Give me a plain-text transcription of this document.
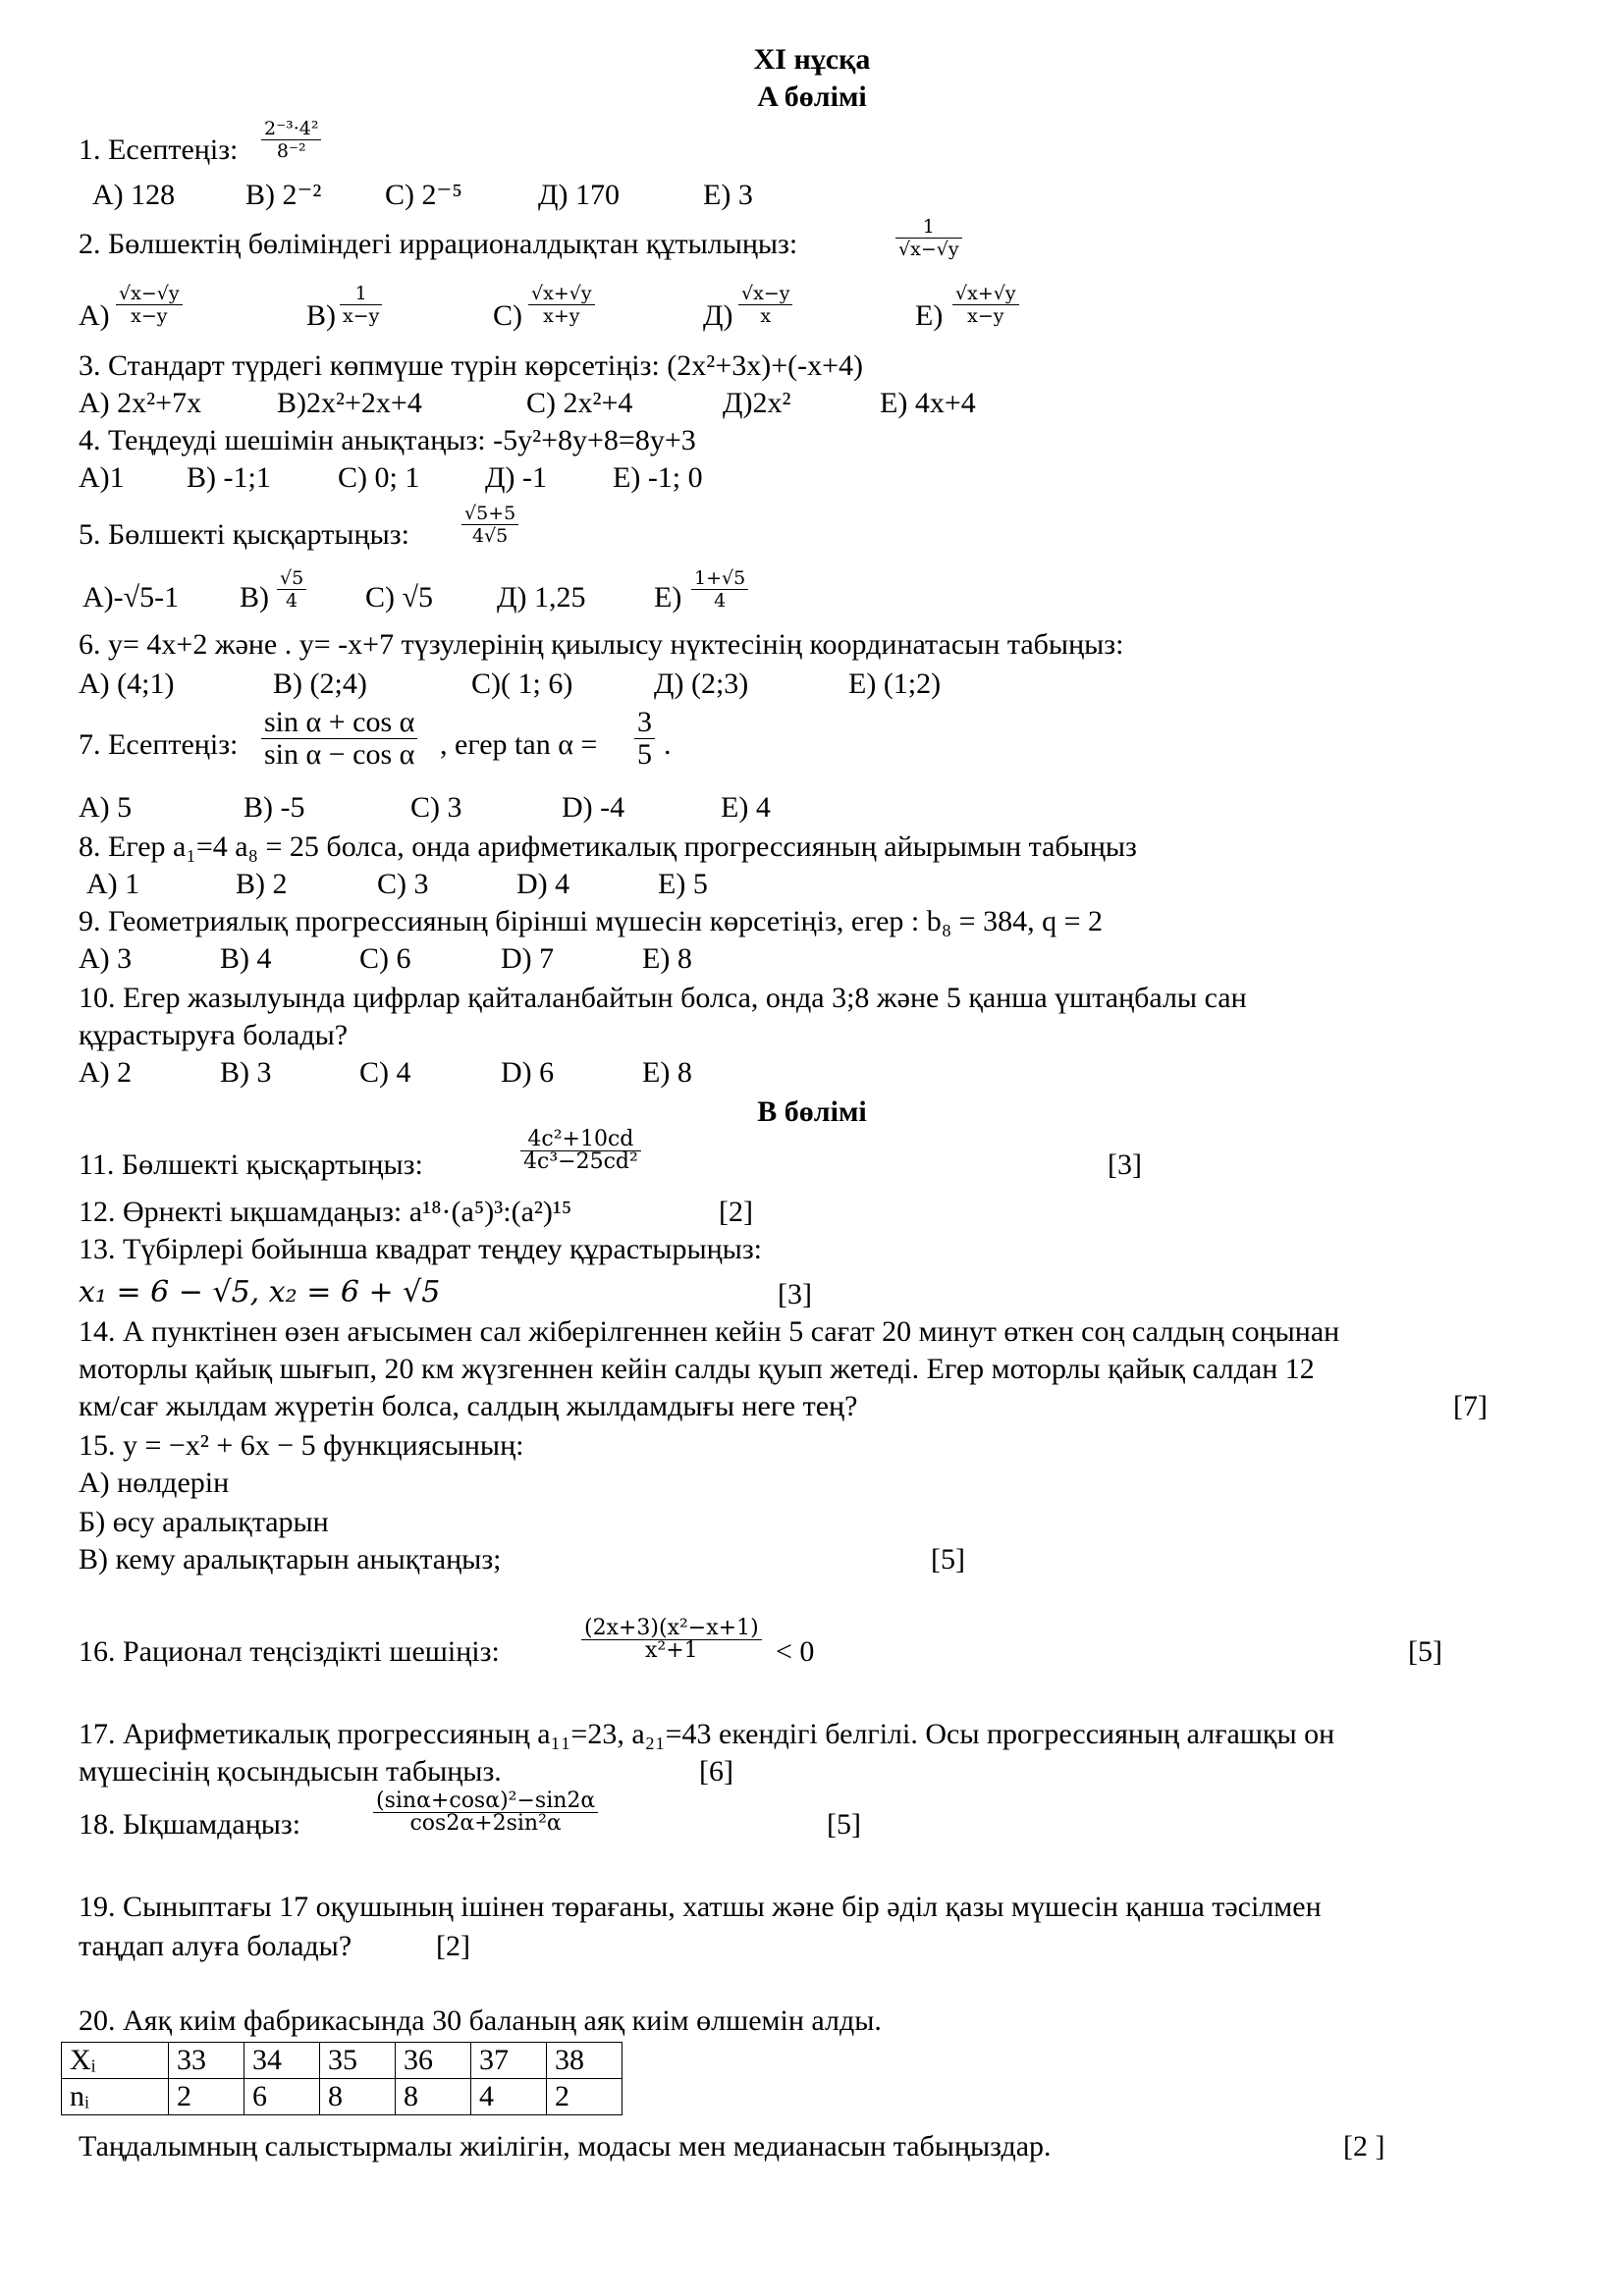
XI нұсқа
A бөлімі
1. Есептеңіз: $\frac{\text{2⁻³·4²}}{\text{8⁻²}}$
A) 128 B) 2⁻² C) 2⁻⁵	Д) 170	Е) 3
2. Бөлшектің бөліміндегі иррационалдықтан құтылыңыз:	$\frac{1}{√x-√y}$
$A) \frac{√x-√y}{x-y}$	$B) \frac{1}{x-y}$	$C) \frac{√x+√y}{x+y}$	$Д) \frac{√x-y}{x}$	$Е) \frac{√x+√y}{x-y}$
3. Стандарт түрдегі көпмүше түрін көрсетіңіз: (2x²+3x)+(-x+4)
A) 2x²+7x	B)2x²+2x+4	C) 2x²+4	Д)2x²	Е) 4x+4
4. Теңдеуді шешімін анықтаңыз: -5y²+8y+8=8y+3
A)1 B) -1;1 C) 0; 1 Д) -1 Е) -1; 0
5. Бөлшекті қысқартыңыз:	$\frac{√5+5}{4√5}$
A)-√5-1 $B) \frac{√5}{4} C$) √5 Д) 1,25 $Е) \frac{1+√5}{4}$
6. y= 4x+2 және . y= -x+7 түзулерінің қиылысу нүктесінің координатасын табыңыз:
A) (4;1)	B) (2;4)	C)( 1; 6)	Д) (2;3)	Е) (1;2)
7. Есептеңіз: $\frac{\text{sin α + cos α}}{\text{sin α − cos α}}$ , егер $\tan \alpha = \frac{3}{5}$ .
A) 5	B) -5	C) 3	D) -4	E) 4
8. Егер a₁=4 a₈ = 25 болса, онда арифметикалық прогрессияның айырымын табыңыз
A) 1	B) 2	C) 3	D) 4	E) 5
9. Геометриялық прогрессияның бірінші мүшесін көрсетіңіз, егер : b₈ = 384, q = 2
A) 3	B) 4	C) 6	D) 7	E) 8
10. Егер жазылуында цифрлар қайталанбайтын болса, онда 3;8 және 5 қанша үштаңбалы сан
құрастыруға болады?
A) 2	B) 3	C) 4	D) 6	E) 8
B бөлімі
11. Бөлшекті қысқартыңыз:	$\frac{\text{4c²+10cd}}{\text{4c³−25cd²}}$	[3]
12. Өрнекті ықшамдаңыз: a¹⁸·(a⁵)³:(a²)¹⁵	[2]
13. Түбірлері бойынша квадрат теңдеу құрастырыңыз:
x₁ = 6 − √5, x₂ = 6 + √5	[3]
14. А пунктінен өзен ағысымен сал жіберілгеннен кейін 5 сағат 20 минут өткен соң салдың соңынан
моторлы қайық шығып, 20 км жүзгеннен кейін салды қуып жетеді. Егер моторлы қайық салдан 12
км/сағ жылдам жүретін болса, салдың жылдамдығы неге тең?	[7]
15. y = −x² + 6x − 5 функциясының:
A) нөлдерін
Б) өсу аралықтарын
В) кему аралықтарын анықтаңыз;	[5]
16. Рационал теңсіздікті шешіңіз:	$\frac{\text{(2x+3)(x²−x+1)}}{\text{x²+1}} < 0$	[5]
17. Арифметикалық прогрессияның a₁₁=23, a₂₁=43 екендігі белгілі. Осы прогрессияның алғашқы он
мүшесінің қосындысын табыңыз.	[6]
18. Ықшамдаңыз:	$\frac{\text{(sinα+cosα)²−sin2α}}{\text{cos2α+2sin²α}}$	[5]
19. Сыныптағы 17 оқушының ішінен төрағаны, хатшы және бір әділ қазы мүшесін қанша тәсілмен
таңдап алуға болады?	[2]
20. Аяқ киім фабрикасында 30 баланың аяқ киім өлшемін алды.
Xᵢ	33	34	35	36	37	38
nᵢ	2	6	8	8	4	2
Таңдалымның салыстырмалы жиілігін, модасы мен медианасын табыңыздар.	[2 ]
